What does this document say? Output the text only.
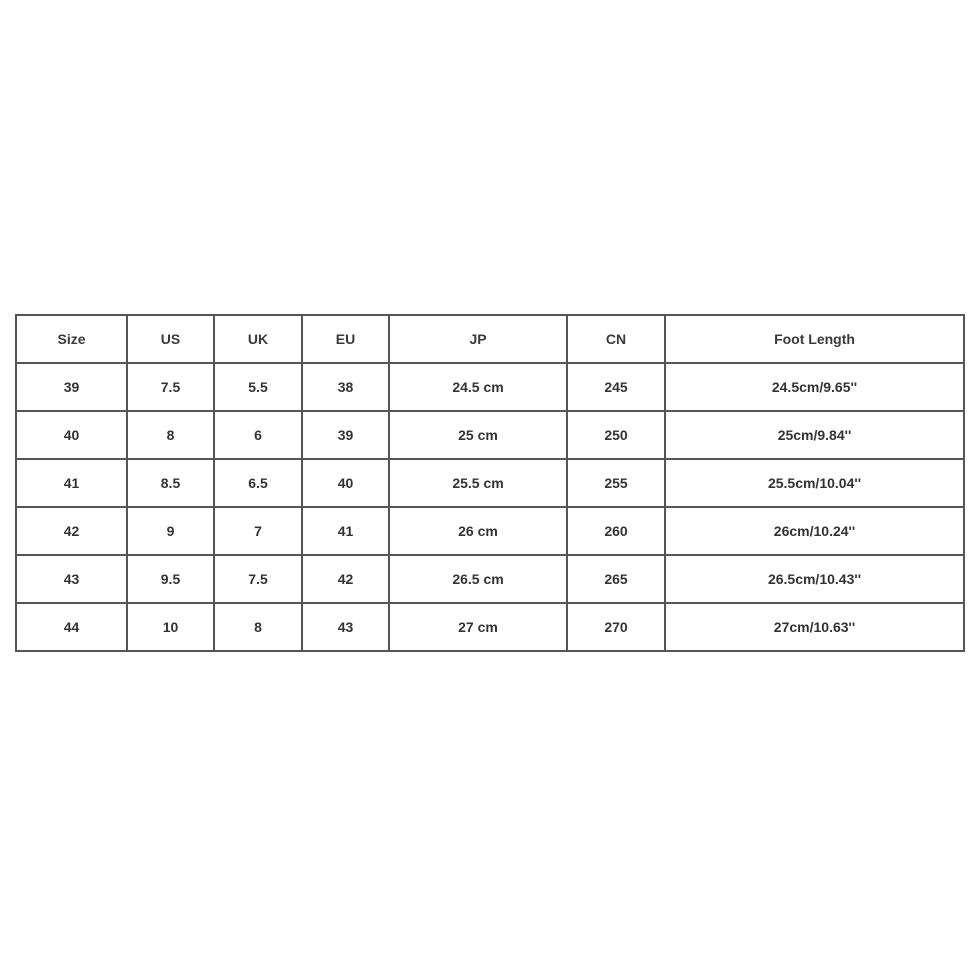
Size	US	UK	EU	JP	CN	Foot Length
39	7.5	5.5	38	24.5 cm	245	24.5cm/9.65''
40	8	6	39	25 cm	250	25cm/9.84''
41	8.5	6.5	40	25.5 cm	255	25.5cm/10.04''
42	9	7	41	26 cm	260	26cm/10.24''
43	9.5	7.5	42	26.5 cm	265	26.5cm/10.43''
44	10	8	43	27 cm	270	27cm/10.63''
